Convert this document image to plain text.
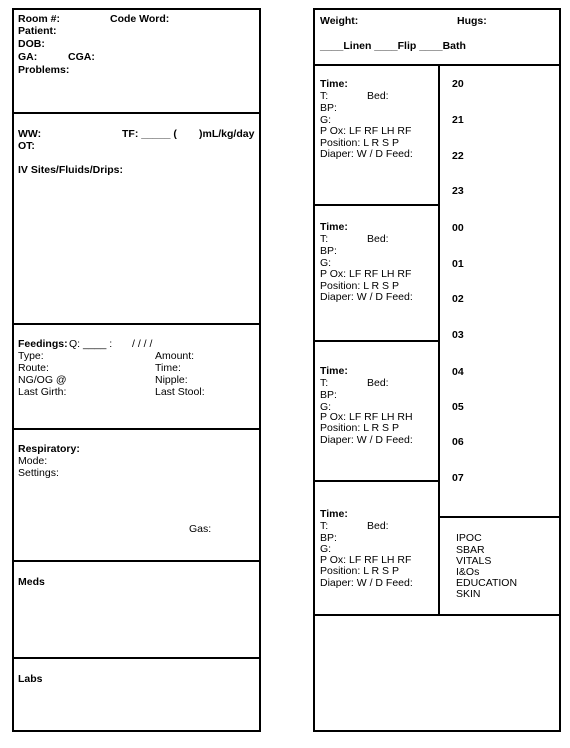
Room #:	Code Word:
Patient:
DOB:
GA:	CGA:
Problems:
WW:	TF: _____ ( )mL/kg/day
OT:
IV Sites/Fluids/Drips:
Feedings: Q: ____ : / / / /
Type:	Amount:
Route:	Time:
NG/OG @	Nipple:
Last Girth:	Last Stool:
Respiratory:
Mode:
Settings:
Gas:
Meds
Labs
Weight:	Hugs:
____Linen ____Flip ____Bath
Time:
T:	Bed:
BP:
G:
P Ox: LF RF LH RF
Position: L R S P
Diaper: W / D Feed:
Time:
T:	Bed:
BP:
G:
P Ox: LF RF LH RF
Position: L R S P
Diaper: W / D Feed:
Time:
T:	Bed:
BP:
G:
P Ox: LF RF LH RH
Position: L R S P
Diaper: W / D Feed:
Time:
T:	Bed:
BP:
G:
P Ox: LF RF LH RF
Position: L R S P
Diaper: W / D Feed:
20
21
22
23
00
01
02
03
04
05
06
07
IPOC
SBAR
VITALS
I&Os
EDUCATION
SKIN
